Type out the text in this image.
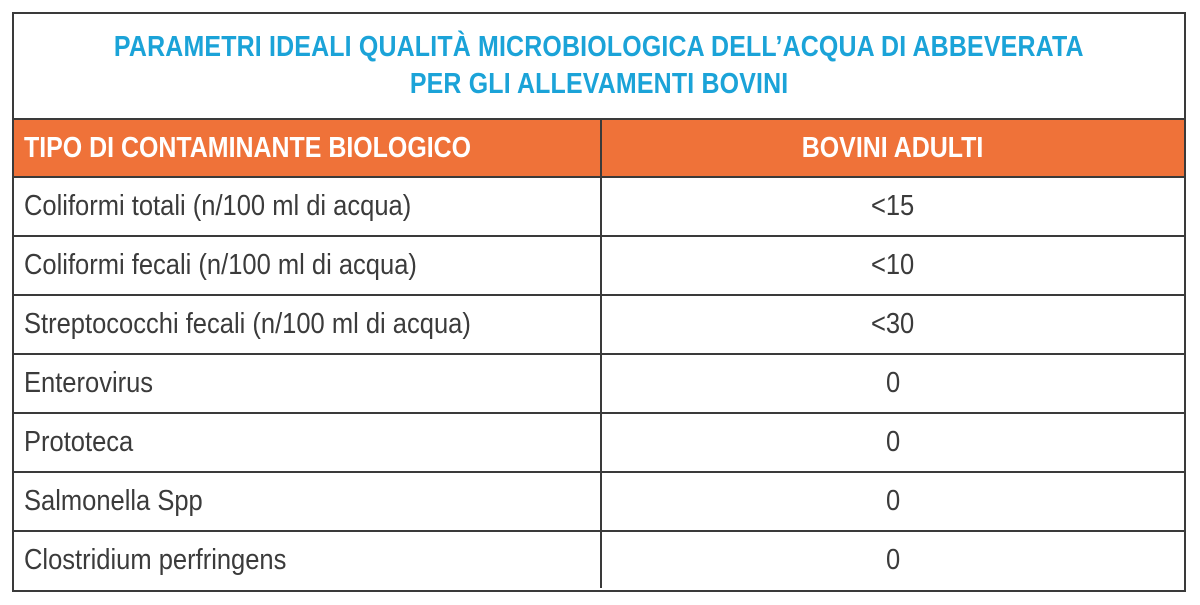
PARAMETRI IDEALI QUALITÀ MICROBIOLOGICA DELL’ACQUA DI ABBEVERATA
PER GLI ALLEVAMENTI BOVINI
TIPO DI CONTAMINANTE BIOLOGICO	BOVINI ADULTI
Coliformi totali (n/100 ml di acqua)	<15
Coliformi fecali (n/100 ml di acqua)	<10
Streptococchi fecali (n/100 ml di acqua)	<30
Enterovirus	0
Prototeca	0
Salmonella Spp	0
Clostridium perfringens	0
